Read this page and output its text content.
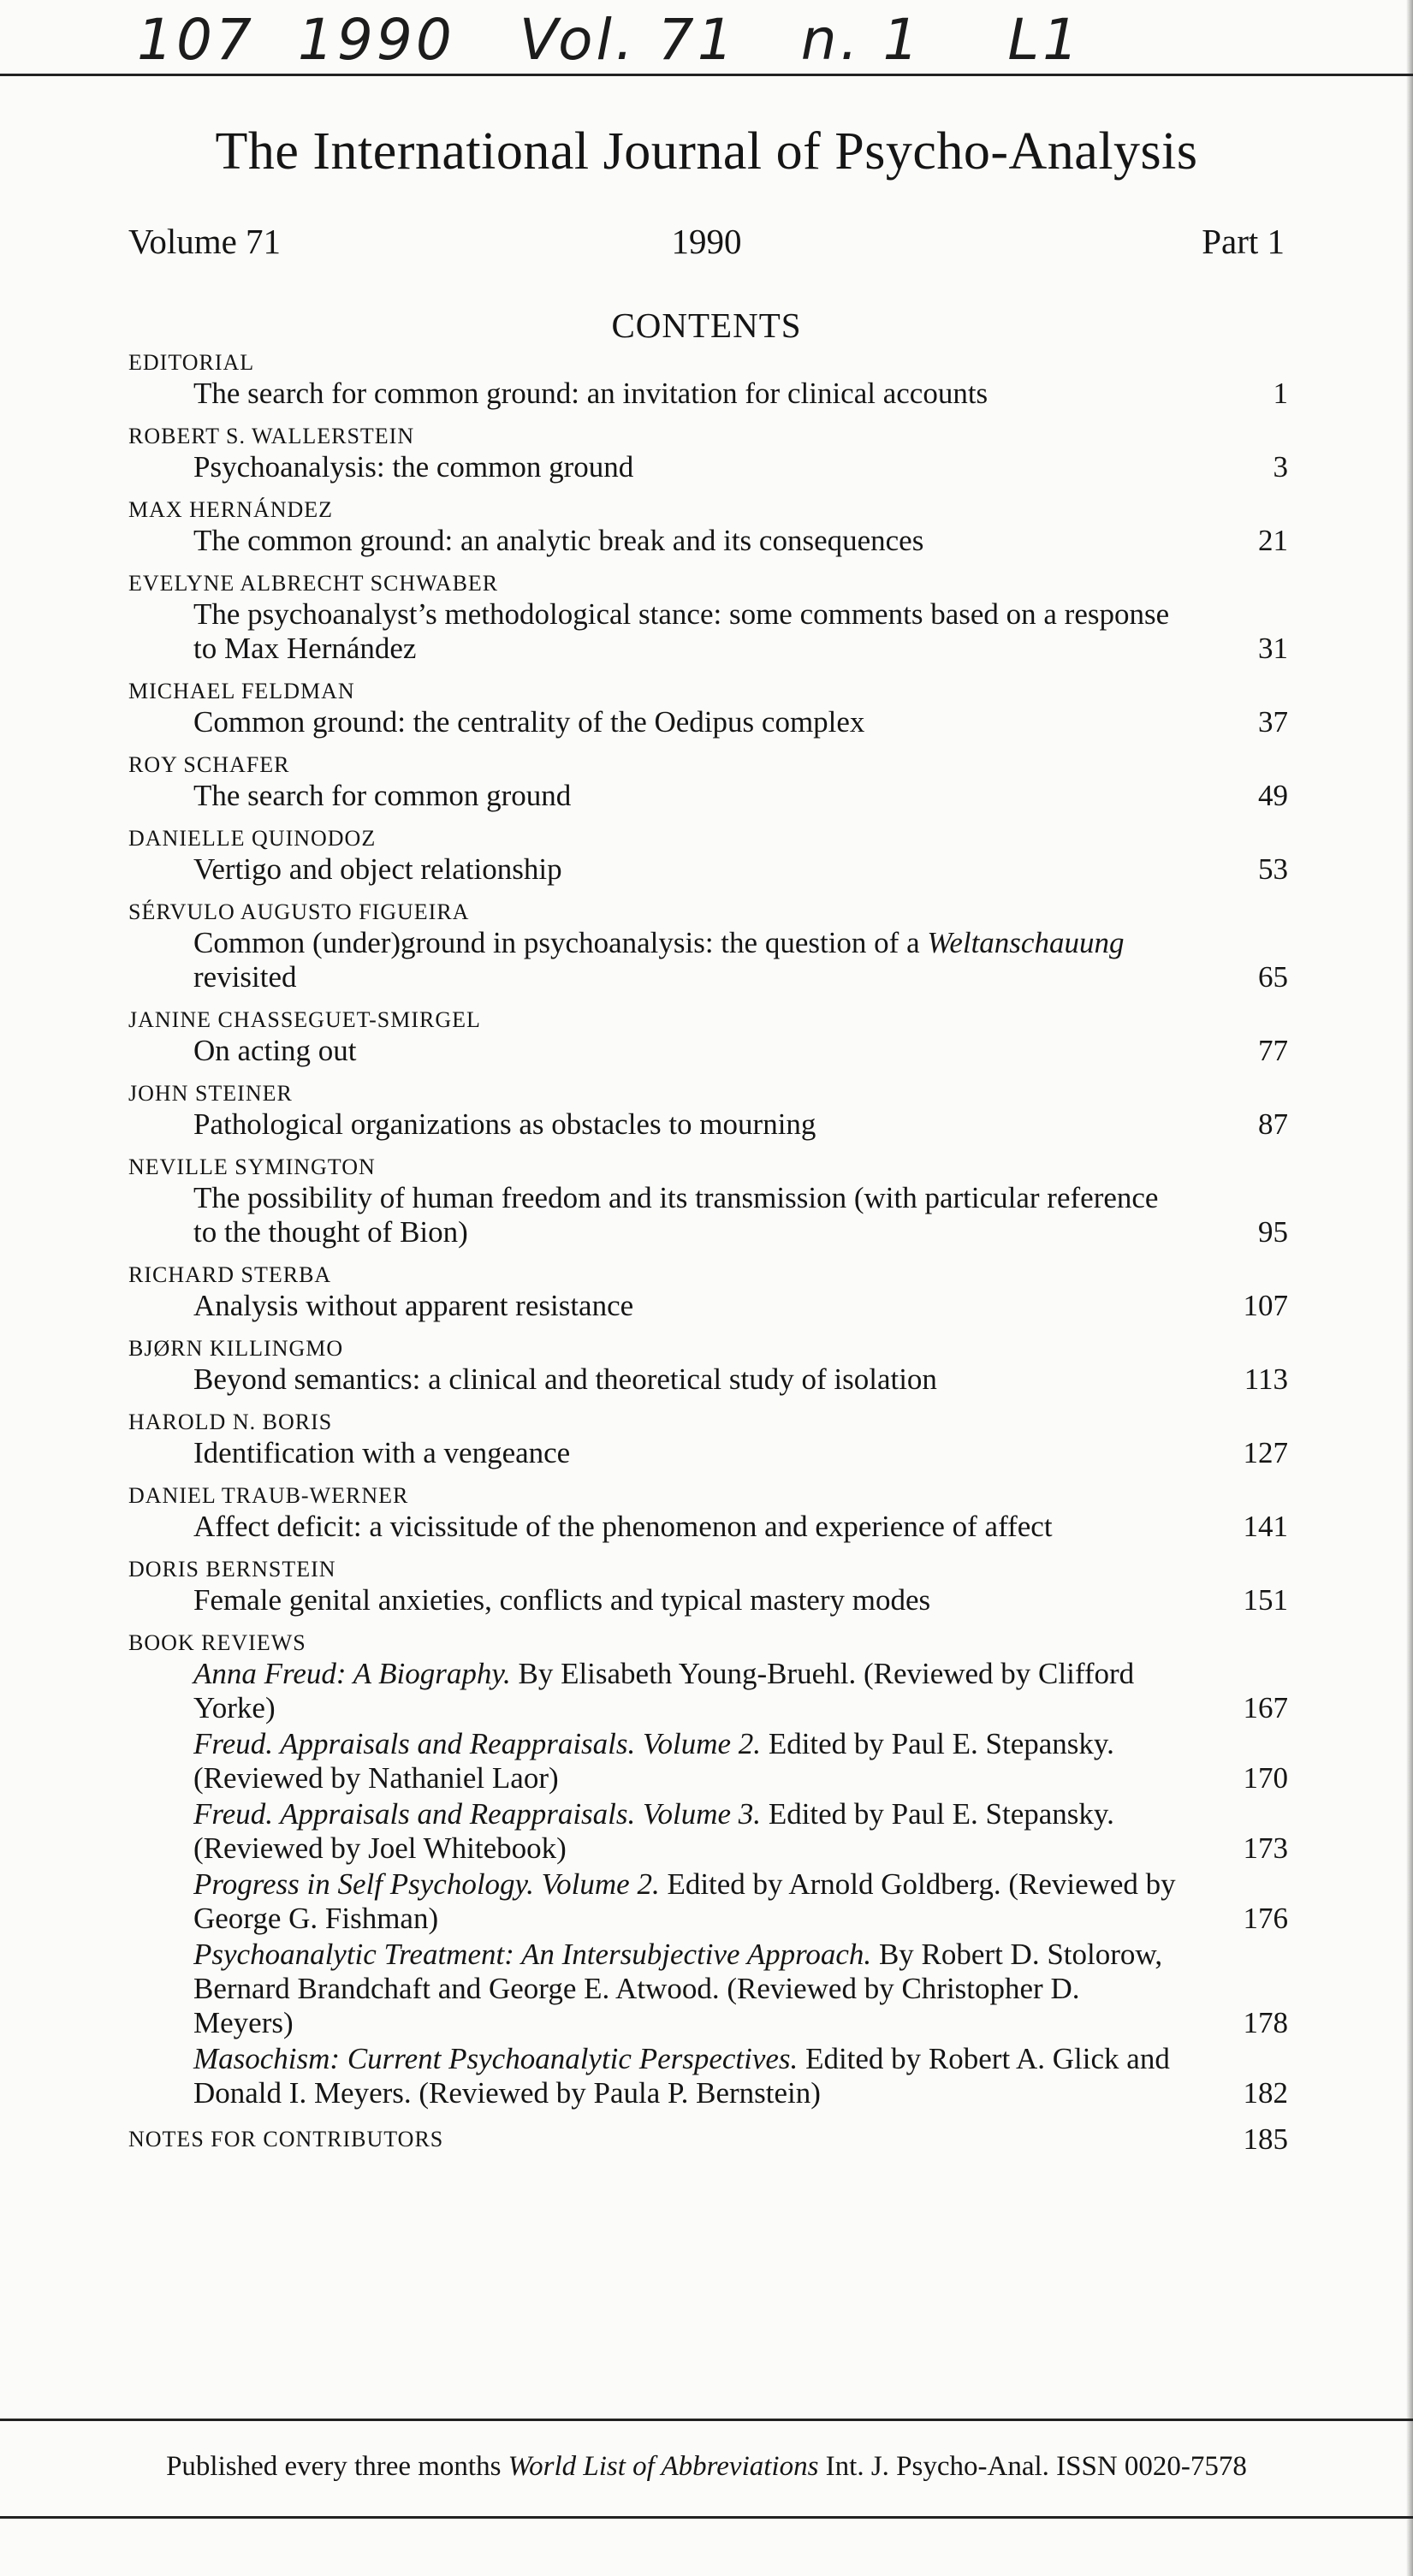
107  1990   Vol. 71   n. 1    L1
The International Journal of Psycho-Analysis
Volume 71	1990	Part 1
CONTENTS
EDITORIAL
The search for common ground: an invitation for clinical accounts	1
ROBERT S. WALLERSTEIN
Psychoanalysis: the common ground	3
MAX HERNÁNDEZ
The common ground: an analytic break and its consequences	21
EVELYNE ALBRECHT SCHWABER
The psychoanalyst’s methodological stance: some comments based on a response to Max Hernández	31
MICHAEL FELDMAN
Common ground: the centrality of the Oedipus complex	37
ROY SCHAFER
The search for common ground	49
DANIELLE QUINODOZ
Vertigo and object relationship	53
SÉRVULO AUGUSTO FIGUEIRA
Common (under)ground in psychoanalysis: the question of a Weltanschauung revisited	65
JANINE CHASSEGUET-SMIRGEL
On acting out	77
JOHN STEINER
Pathological organizations as obstacles to mourning	87
NEVILLE SYMINGTON
The possibility of human freedom and its transmission (with particular reference to the thought of Bion)	95
RICHARD STERBA
Analysis without apparent resistance	107
BJØRN KILLINGMO
Beyond semantics: a clinical and theoretical study of isolation	113
HAROLD N. BORIS
Identification with a vengeance	127
DANIEL TRAUB-WERNER
Affect deficit: a vicissitude of the phenomenon and experience of affect	141
DORIS BERNSTEIN
Female genital anxieties, conflicts and typical mastery modes	151
BOOK REVIEWS
Anna Freud: A Biography. By Elisabeth Young-Bruehl. (Reviewed by Clifford Yorke)	167
Freud. Appraisals and Reappraisals. Volume 2. Edited by Paul E. Stepansky. (Reviewed by Nathaniel Laor)	170
Freud. Appraisals and Reappraisals. Volume 3. Edited by Paul E. Stepansky. (Reviewed by Joel Whitebook)	173
Progress in Self Psychology. Volume 2. Edited by Arnold Goldberg. (Reviewed by George G. Fishman)	176
Psychoanalytic Treatment: An Intersubjective Approach. By Robert D. Stolorow, Bernard Brandchaft and George E. Atwood. (Reviewed by Christopher D. Meyers)	178
Masochism: Current Psychoanalytic Perspectives. Edited by Robert A. Glick and Donald I. Meyers. (Reviewed by Paula P. Bernstein)	182
NOTES FOR CONTRIBUTORS	185
Published every three months World List of Abbreviations Int. J. Psycho-Anal. ISSN 0020-7578
